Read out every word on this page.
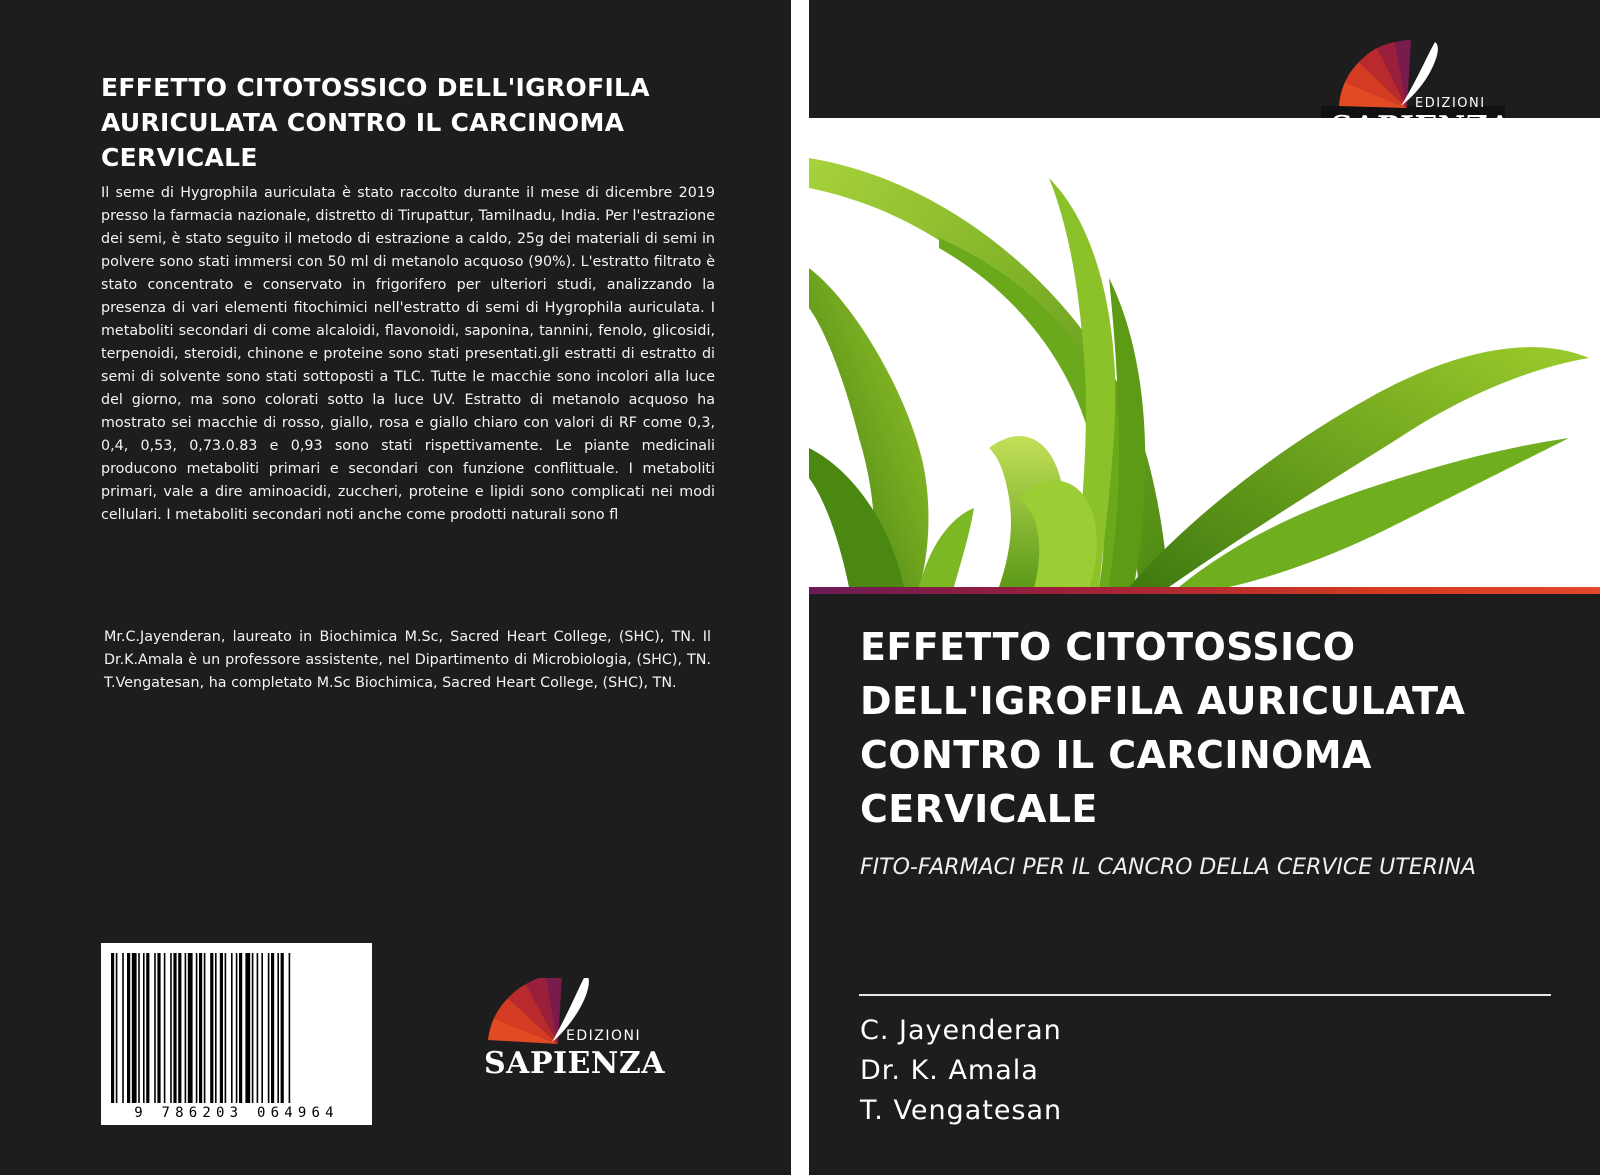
EFFETTO CITOTOSSICO DELL'IGROFILA AURICULATA CONTRO IL CARCINOMA CERVICALE

Il seme di Hygrophila auriculata è stato raccolto durante il mese di dicembre 2019 presso la farmacia nazionale, distretto di Tirupattur, Tamilnadu, India. Per l'estrazione dei semi, è stato seguito il metodo di estrazione a caldo, 25g dei materiali di semi in polvere sono stati immersi con 50 ml di metanolo acquoso (90%). L'estratto filtrato è stato concentrato e conservato in frigorifero per ulteriori studi, analizzando la presenza di vari elementi fitochimici nell'estratto di semi di Hygrophila auriculata. I metaboliti secondari di come alcaloidi, flavonoidi, saponina, tannini, fenolo, glicosidi, terpenoidi, steroidi, chinone e proteine sono stati presentati.gli estratti di estratto di semi di solvente sono stati sottoposti a TLC. Tutte le macchie sono incolori alla luce del giorno, ma sono colorati sotto la luce UV. Estratto di metanolo acquoso ha mostrato sei macchie di rosso, giallo, rosa e giallo chiaro con valori di RF come 0,3, 0,4, 0,53, 0,73.0.83 e 0,93 sono stati rispettivamente. Le piante medicinali producono metaboliti primari e secondari con funzione conflittuale. I metaboliti primari, vale a dire aminoacidi, zuccheri, proteine e lipidi sono complicati nei modi cellulari. I metaboliti secondari noti anche come prodotti naturali sono fl

Mr.C.Jayenderan, laureato in Biochimica M.Sc, Sacred Heart College, (SHC), TN. Il Dr.K.Amala è un professore assistente, nel Dipartimento di Microbiologia, (SHC), TN. T.Vengatesan, ha completato M.Sc Biochimica, Sacred Heart College, (SHC), TN.

9 786203 064964
EDIZIONI
SAPIENZA
EDIZIONI
EFFETTO CITOTOSSICO DELL'IGROFILA AURICULATA CONTRO IL CARCINOMA CERVICALE

FITO-FARMACI PER IL CANCRO DELLA CERVICE UTERINA

C. Jayenderan

Dr. K. Amala

T. Vengatesan
